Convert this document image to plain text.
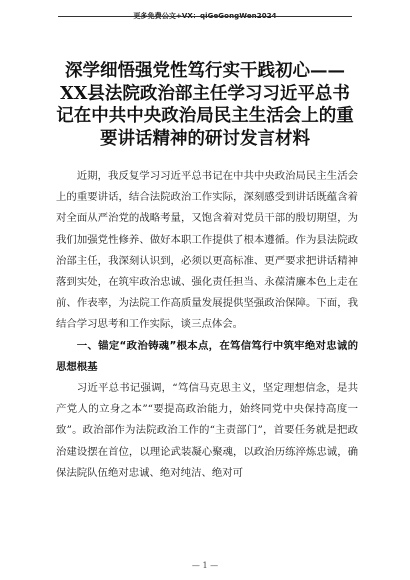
更多免费公文+VX：qiGeGongWen2024
深学细悟强党性笃行实干践初心——XX县法院政治部主任学习习近平总书记在中共中央政治局民主生活会上的重要讲话精神的研讨发言材料

近期，我反复学习习近平总书记在中共中央政治局民主生活会上的重要讲话，结合法院政治工作实际，深刻感受到讲话既蕴含着对全面从严治党的战略考量，又饱含着对党员干部的殷切期望，为我们加强党性修养、做好本职工作提供了根本遵循。作为县法院政治部主任，我深刻认识到，必须以更高标准、更严要求把讲话精神落到实处，在筑牢政治忠诚、强化责任担当、永葆清廉本色上走在前、作表率，为法院工作高质量发展提供坚强政治保障。下面，我结合学习思考和工作实际，谈三点体会。

一、锚定“政治铸魂”根本点，在笃信笃行中筑牢绝对忠诚的思想根基

习近平总书记强调，“笃信马克思主义，坚定理想信念，是共产党人的立身之本”“要提高政治能力，始终同党中央保持高度一致”。政治部作为法院政治工作的“主责部门”，首要任务就是把政治建设摆在首位，以理论武装凝心聚魂，以政治历练淬炼忠诚，确保法院队伍绝对忠诚、绝对纯洁、绝对可

— 1 —
